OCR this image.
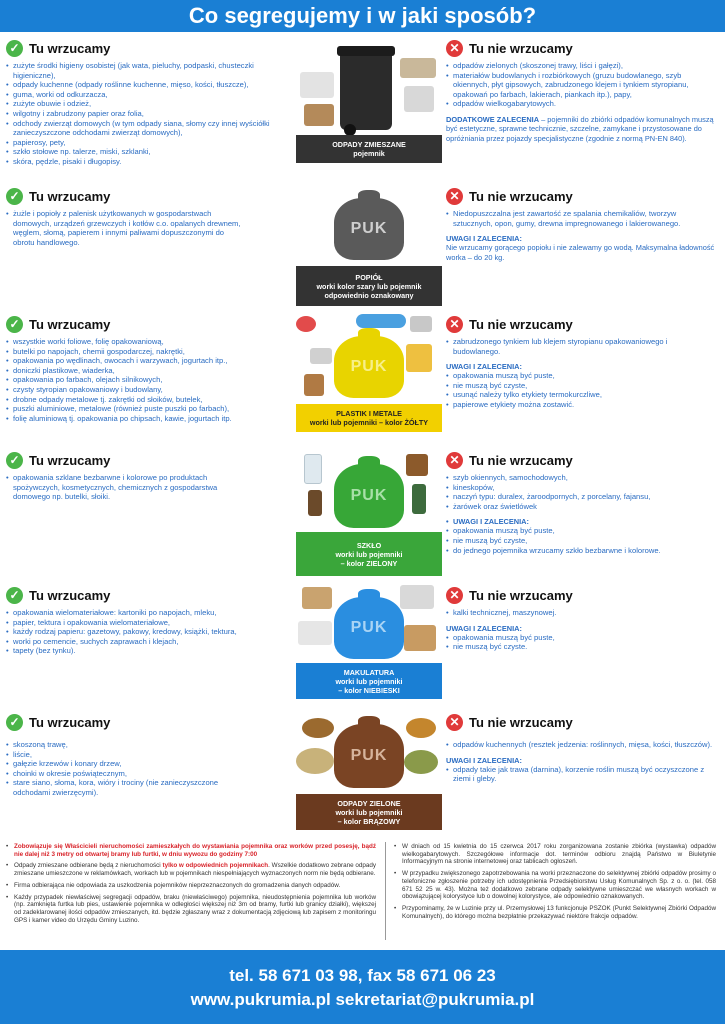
Co segregujemy i w jaki sposób?
✓ Tu wrzucamy
• zużyte środki higieny osobistej (jak wata, pieluchy, podpaski, chusteczki higieniczne),
• odpady kuchenne (odpady roślinne kuchenne, mięso, kości, tłuszcze),
• guma, worki od odkurzacza,
• zużyte obuwie i odzież,
• wilgotny i zabrudzony papier oraz folia,
• odchody zwierząt domowych (w tym odpady siana, słomy czy innej wyściółki zanieczyszczone odchodami zwierząt domowych),
• papierosy, pety,
• szkło stołowe np. talerze, miski, szklanki,
• skóra, pędzle, pisaki i długopisy.
ODPADY ZMIESZANE
pojemnik
✕ Tu nie wrzucamy
• odpadów zielonych (skoszonej trawy, liści i gałęzi),
• materiałów budowlanych i rozbiórkowych (gruzu budowlanego, szyb okiennych, płyt gipsowych, zabrudzonego klejem i tynkiem styropianu, opakowań po farbach, lakierach, piankach itp.), papy,
• odpadów wielkogabarytowych.
DODATKOWE ZALECENIA – pojemniki do zbiórki odpadów komunalnych muszą być estetyczne, sprawne technicznie, szczelne, zamykane i przystosowane do opróżniania przez pojazdy specjalistyczne (zgodnie z normą PN-EN 840).
✓ Tu wrzucamy
• żużle i popioły z palenisk użytkowanych w gospodarstwach domowych, urządzeń grzewczych i kotłów c.o. opalanych drewnem, węglem, słomą, papierem i innymi paliwami dopuszczonymi do obrotu handlowego.
PUK
POPIÓŁ
worki kolor szary lub pojemnik
odpowiednio oznakowany
✕ Tu nie wrzucamy
• Niedopuszczalna jest zawartość ze spalania chemikaliów, tworzyw sztucznych, opon, gumy, drewna impregnowanego i lakierowanego.
UWAGI I ZALECENIA:
Nie wrzucamy gorącego popiołu i nie zalewamy go wodą. Maksymalna ładowność worka – do 20 kg.
✓ Tu wrzucamy
• wszystkie worki foliowe, folię opakowaniową,
• butelki po napojach, chemii gospodarczej, nakrętki,
• opakowania po wędlinach, owocach i warzywach, jogurtach itp.,
• doniczki plastikowe, wiaderka,
• opakowania po farbach, olejach silnikowych,
• czysty styropian opakowaniowy i budowlany,
• drobne odpady metalowe tj. zakrętki od słoików, butelek,
• puszki aluminiowe, metalowe (również puste puszki po farbach),
• folię aluminiową tj. opakowania po chipsach, kawie, jogurtach itp.
PUK
PLASTIK I METALE
worki lub pojemniki – kolor ŻÓŁTY
✕ Tu nie wrzucamy
• zabrudzonego tynkiem lub klejem styropianu opakowaniowego i budowlanego.
UWAGI I ZALECENIA:
• opakowania muszą być puste,
• nie muszą być czyste,
• usunąć należy tylko etykiety termokurczliwe,
• papierowe etykiety można zostawić.
✓ Tu wrzucamy
• opakowania szklane bezbarwne i kolorowe po produktach spożywczych, kosmetycznych, chemicznych z gospodarstwa domowego np. butelki, słoiki.	PUK
SZKŁO
worki lub pojemniki
– kolor ZIELONY
✕ Tu nie wrzucamy
• szyb okiennych, samochodowych,
• kineskopów,
• naczyń typu: duralex, żaroodpornych, z porcelany, fajansu,
• żarówek oraz świetlówek
• UWAGI I ZALECENIA:
• opakowania muszą być puste,
• nie muszą być czyste,
• do jednego pojemnika wrzucamy szkło bezbarwne i kolorowe.
✓ Tu wrzucamy
• opakowania wielomateriałowe: kartoniki po napojach, mleku,
• papier, tektura i opakowania wielomateriałowe,
• każdy rodzaj papieru: gazetowy, pakowy, kredowy, książki, tektura,
• worki po cemencie, suchych zaprawach i klejach,
• tapety (bez tynku).
PUK
MAKULATURA
worki lub pojemniki
– kolor NIEBIESKI
✕ Tu nie wrzucamy
• kalki technicznej, maszynowej.
UWAGI I ZALECENIA:
• opakowania muszą być puste,
• nie muszą być czyste.
✓ Tu wrzucamy
• skoszoną trawę,
• liście,
• gałęzie krzewów i konary drzew,
• choinki w okresie poświątecznym,
• stare siano, słoma, kora, wióry i trociny (nie zanieczyszczone odchodami zwierzęcymi).
PUK
ODPADY ZIELONE
worki lub pojemniki
– kolor BRĄZOWY
✕ Tu nie wrzucamy
• odpadów kuchennych (resztek jedzenia: roślinnych, mięsa, kości, tłuszczów).
UWAGI I ZALECENIA:
• odpady takie jak trawa (darnina), korzenie roślin muszą być oczyszczone z ziemi i gleby.
• Zobowiązuje się Właścicieli nieruchomości zamieszkałych do wystawiania pojemnika oraz worków przed posesję, bądź nie dalej niż 3 metry od otwartej bramy lub furtki, w dniu wywozu do godziny 7:00
• Odpady zmieszane odbierane będą z nieruchomości tylko w odpowiednich pojemnikach. Wszelkie dodatkowo zebrane odpady zmieszane umieszczone w reklamówkach, workach lub w pojemnikach niespełniających wyznaczonych norm nie będą odbierane.
• Firma odbierająca nie odpowiada za uszkodzenia pojemników nieprzeznaczonych do gromadzenia danych odpadów.
• Każdy przypadek niewłaściwej segregacji odpadów, braku (niewłaściwego) pojemnika, nieudostępnienia pojemnika lub worków (np. zamknięta furtka lub pies, ustawienie pojemnika w odległości większej niż 3m od bramy, furtki lub granicy działki), większej od zadeklarowanej ilości odpadów zmieszanych, itd. będzie zgłaszany wraz z dokumentacją zdjęciową lub zapisem z monitoringu GPS i kamer video do Urzędu Gminy Luzino.
• W dniach od 15 kwietnia do 15 czerwca 2017 roku zorganizowana zostanie zbiórka (wystawka) odpadów wielkogabarytowych. Szczegółowe informacje dot. terminów odbioru znajdą Państwo w Biuletynie Informacyjnym na stronie internetowej oraz tablicach ogłoszeń.
• W przypadku zwiększonego zapotrzebowania na worki przeznaczone do selektywnej zbiórki odpadów prosimy o telefoniczne zgłoszenie potrzeby ich udostępnienia Przedsiębiorstwu Usług Komunalnych Sp. z o. o. (tel. 058 671 52 25 w. 43). Można też dodatkowo zebrane odpady selektywne umieszczać we własnych workach w obowiązującej kolorystyce lub o dowolnej kolorystyce, ale odpowiednio oznakowanych.
• Przypominamy, że w Luzinie przy ul. Przemysłowej 13 funkcjonuje PSZOK (Punkt Selektywnej Zbiórki Odpadów Komunalnych), do którego można bezpłatnie przekazywać niektóre frakcje odpadów.
tel. 58 671 03 98, fax 58 671 06 23
www.pukrumia.pl sekretariat@pukrumia.pl
